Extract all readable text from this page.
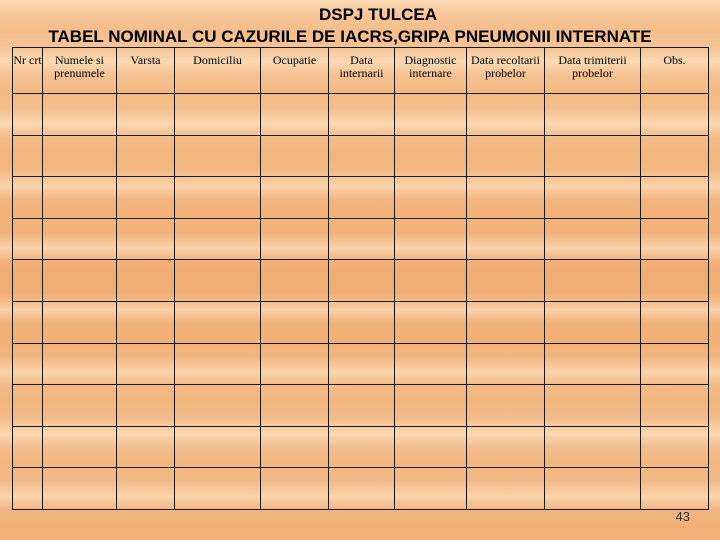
DSPJ TULCEA
TABEL NOMINAL CU CAZURILE DE IACRS,GRIPA PNEUMONII INTERNATE
Nr crt	Numele si prenumele	Varsta	Domiciliu	Ocupatie	Data internarii	Diagnostic internare	Data recoltarii probelor	Data trimiterii probelor	Obs.

43
